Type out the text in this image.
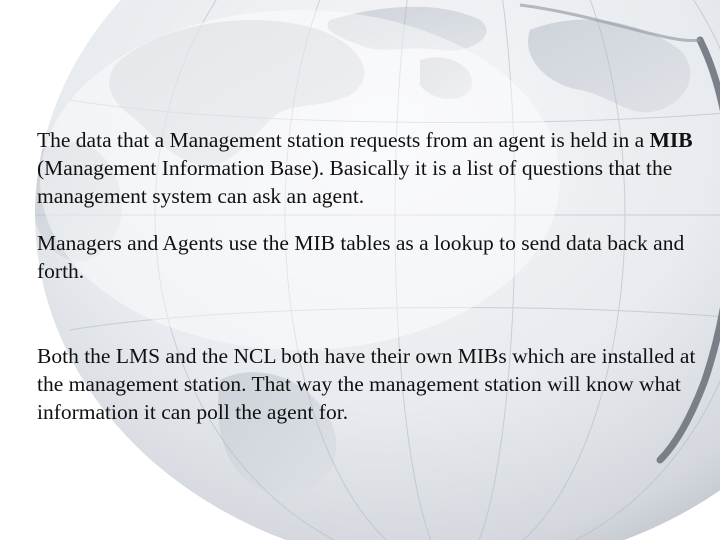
The data that a Management station requests from an agent is held in a MIB (Management Information Base). Basically it is a list of questions that the management system can ask an agent.

Managers and Agents use the MIB tables as a lookup to send data back and forth.

Both the LMS and the NCL both have their own MIBs which are installed at the management station. That way the management station will know what information it can poll the agent for.
